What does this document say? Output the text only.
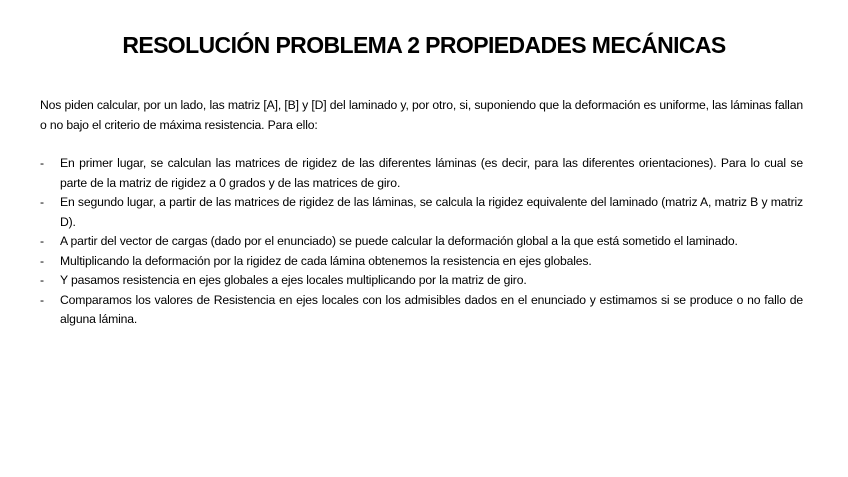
RESOLUCIÓN PROBLEMA 2 PROPIEDADES MECÁNICAS

Nos piden calcular, por un lado, las matriz [A], [B] y [D] del laminado y, por otro, si, suponiendo que la deformación es uniforme, las láminas fallan o no bajo el criterio de máxima resistencia. Para ello:

-	En primer lugar, se calculan las matrices de rigidez de las diferentes láminas (es decir, para las diferentes orientaciones). Para lo cual se parte de la matriz de rigidez a 0 grados y de las matrices de giro.
-	En segundo lugar, a partir de las matrices de rigidez de las láminas, se calcula la rigidez equivalente del laminado (matriz A, matriz B y matriz D).
-	A partir del vector de cargas (dado por el enunciado) se puede calcular la deformación global a la que está sometido el laminado.
-	Multiplicando la deformación por la rigidez de cada lámina obtenemos la resistencia en ejes globales.
-	Y pasamos resistencia en ejes globales a ejes locales multiplicando por la matriz de giro.
-	Comparamos los valores de Resistencia en ejes locales con los admisibles dados en el enunciado y estimamos si se produce o no fallo de alguna lámina.
